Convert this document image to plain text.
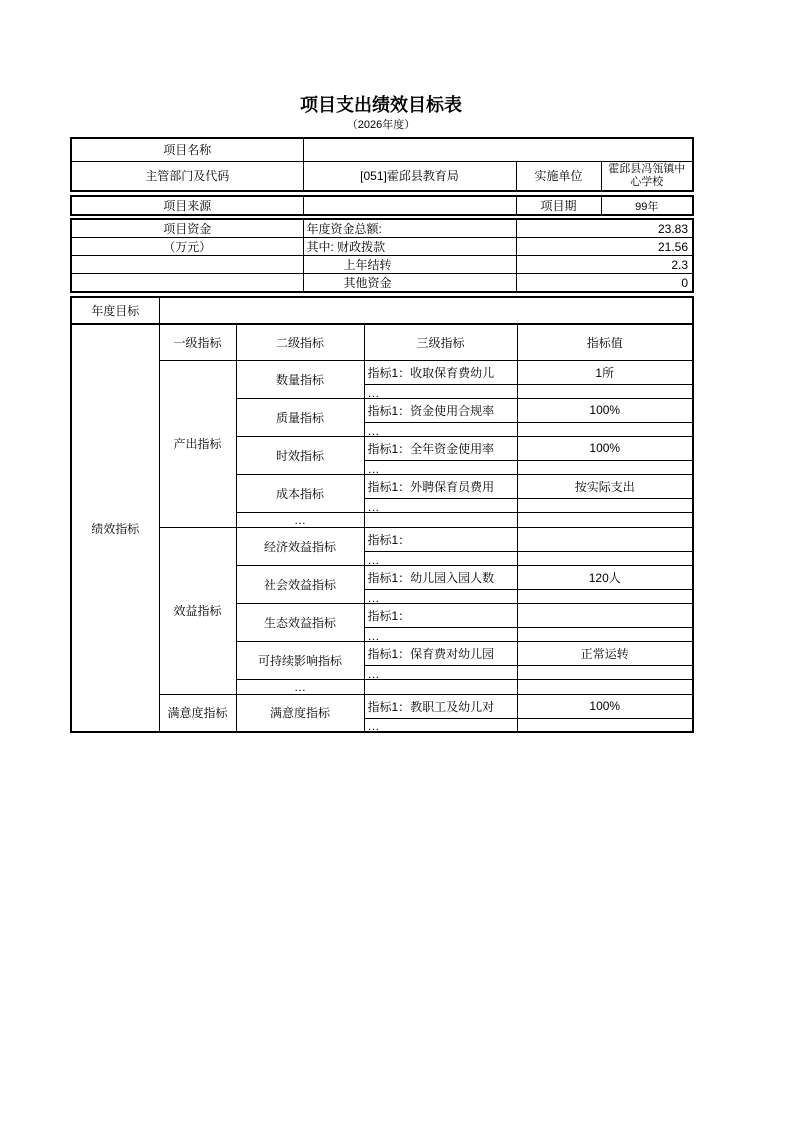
项目支出绩效目标表
（2026年度）
项目名称			
主管部门及代码	[051]霍邱县教育局	实施单位	霍邱县冯瓴镇中心学校
项目来源		项目期	99年
项目资金	年度资金总额:	23.83
（万元）	其中: 财政拨款	21.56
	上年结转	2.3
	其他资金	0
年度目标	
绩效指标	一级指标	二级指标	三级指标	指标值
	产出指标	数量指标	指标1：收取保育费幼儿	1所
			…	
		质量指标	指标1：资金使用合规率	100%
			…	
		时效指标	指标1：全年资金使用率	100%
			…	
		成本指标	指标1：外聘保育员费用	按实际支出
			…	
		…		
	效益指标	经济效益指标	指标1：	
			…	
		社会效益指标	指标1：幼儿园入园人数	120人
			…	
		生态效益指标	指标1：	
			…	
		可持续影响指标	指标1：保育费对幼儿园	正常运转
			…	
		…		
	满意度指标	满意度指标	指标1：教职工及幼儿对	100%
			…	
